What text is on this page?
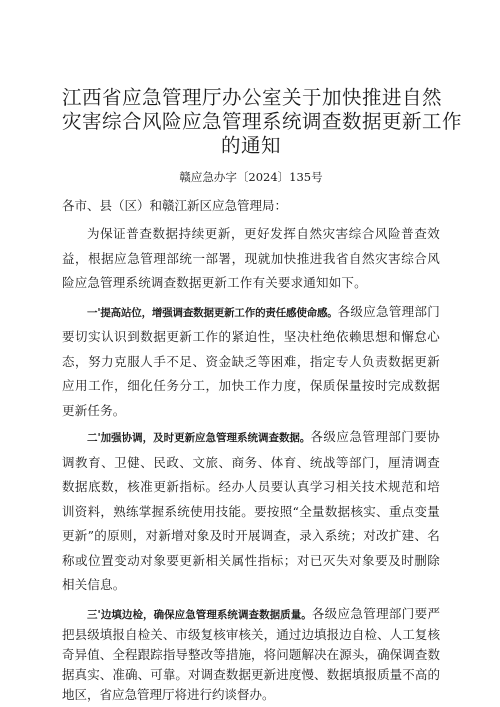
江西省应急管理厅办公室关于加快推进自然
灾害综合风险应急管理系统调查数据更新工作
的通知
赣应急办字〔2024〕135号
各市、县（区）和赣江新区应急管理局：

为保证普查数据持续更新，更好发挥自然灾害综合风险普查效益，根据应急管理部统一部署，现就加快推进我省自然灾害综合风险应急管理系统调查数据更新工作有关要求通知如下。

一'提高站位，增强调查数据更新工作的责任感使命感。各级应急管理部门要切实认识到数据更新工作的紧迫性，坚决杜绝依赖思想和懈怠心态，努力克服人手不足、资金缺乏等困难，指定专人负责数据更新应用工作，细化任务分工，加快工作力度，保质保量按时完成数据更新任务。

二'加强协调，及时更新应急管理系统调查数据。各级应急管理部门要协调教育、卫健、民政、文旅、商务、体育、统战等部门，厘清调查数据底数，核准更新指标。经办人员要认真学习相关技术规范和培训资料，熟练掌握系统使用技能。要按照“全量数据核实、重点变量更新”的原则，对新增对象及时开展调查，录入系统；对改扩建、名称或位置变动对象要更新相关属性指标；对已灭失对象要及时删除相关信息。

三'边填边检，确保应急管理系统调查数据质量。各级应急管理部门要严把县级填报自检关、市级复核审核关，通过边填报边自检、人工复核奇异值、全程跟踪指导整改等措施，将问题解决在源头，确保调查数据真实、准确、可靠。对调查数据更新进度慢、数据填报质量不高的地区，省应急管理厅将进行约谈督办。
